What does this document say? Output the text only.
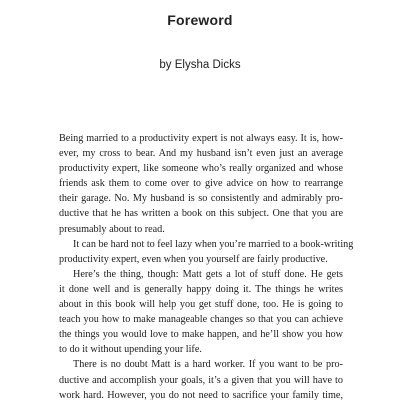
Foreword
by Elysha Dicks
Being married to a productivity expert is not always easy. It is, how-
ever, my cross to bear. And my husband isn’t even just an average
productivity expert, like someone who’s really organized and whose
friends ask them to come over to give advice on how to rearrange
their garage. No. My husband is so consistently and admirably pro-
ductive that he has written a book on this subject. One that you are
presumably about to read.
It can be hard not to feel lazy when you’re married to a book-writing
productivity expert, even when you yourself are fairly productive.
Here’s the thing, though: Matt gets a lot of stuff done. He gets
it done well and is generally happy doing it. The things he writes
about in this book will help you get stuff done, too. He is going to
teach you how to make manageable changes so that you can achieve
the things you would love to make happen, and he’ll show you how
to do it without upending your life.
There is no doubt Matt is a hard worker. If you want to be pro-
ductive and accomplish your goals, it’s a given that you will have to
work hard. However, you do not need to sacrifice your family time,
